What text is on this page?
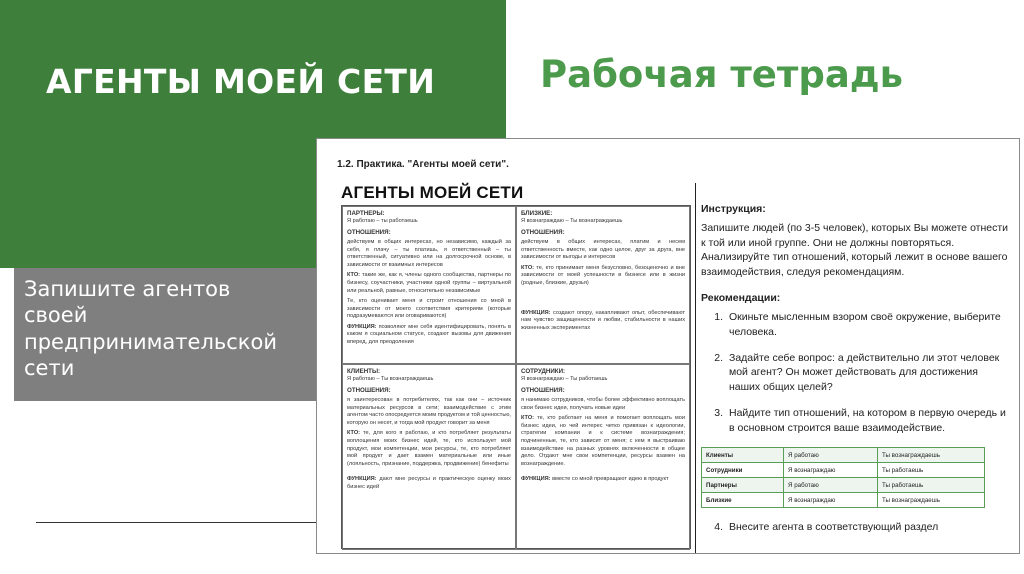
АГЕНТЫ МОЕЙ СЕТИ	Рабочая тетрадь
Запишите агентов
своей
предпринимательской
сети
1.2. Практика. "Агенты моей сети".
АГЕНТЫ МОЕЙ СЕТИ
ПАРТНЕРЫ:
Я работаю – ты работаешь
ОТНОШЕНИЯ:

действуем в общих интересах, но независимо, каждый за себя, я плачу – ты платишь, я ответственный – ты ответственный, ситуативно или на долгосрочной основе, в зависимости от взаимных интересов

КТО: такие же, как я, члены одного сообщества, партнеры по бизнесу, соучастники, участники одной группы – виртуальной или реальной, равные, относительно независимые

Те, кто оценивает меня и строит отношения со мной в зависимости от моего соответствия критериям (которые подразумеваются или оговариваются)

ФУНКЦИЯ: позволяют мне себя идентифицировать, понять в каком я социальном статусе, создают вызовы для движения вперед, для преодоления

БЛИЗКИЕ:
Я вознаграждаю – Ты вознаграждаешь
ОТНОШЕНИЯ:

действуем в общих интересах, платим и несем ответственность вместе, как одно целое, друг за друга, вне зависимости от выгоды и интересов

КТО: те, кто принимает меня безусловно, безоценочно и вне зависимости от моей успешности в бизнесе или в жизни (родные, близкие, друзья)

ФУНКЦИЯ: создают опору, накапливают опыт, обеспечивают нам чувство защищенности и любви, стабильности в наших жизненных экспериментах

КЛИЕНТЫ:
Я работаю – Ты вознаграждаешь
ОТНОШЕНИЯ:

я заинтересован в потребителях, так как они – источник материальных ресурсов в сети; взаимодействие с этим агентом часто опосредуется моим продуктом и той ценностью, которую он несет, и тогда мой продукт говорит за меня

КТО: те, для кого я работаю, и кто потребляет результаты воплощения моих бизнес идей, те, кто использует мой продукт, мои компетенции, мои ресурсы, те, кто потребляет мой продукт и дает взамен материальные или иные (лояльность, признание, поддержка, продвижение) бенефиты

ФУНКЦИЯ: дают мне ресурсы и практическую оценку моих бизнес идей

СОТРУДНИКИ:
Я вознаграждаю – Ты работаешь
ОТНОШЕНИЯ:

я нанимаю сотрудников, чтобы более эффективно воплощать свои бизнес идеи, получать новые идеи

КТО: те, кто работает на меня и помогает воплощать мои бизнес идеи, но чей интерес четко привязан к идеологии, стратегии компании и к системе вознаграждения; подчиненные, те, кто зависит от меня; с кем я выстраиваю взаимодействие на разных уровнях включенности в общее дело. Отдают мне свои компетенции, ресурсы взамен на вознаграждение.

ФУНКЦИЯ: вместе со мной превращают идею в продукт

Инструкция:
Запишите людей (по 3-5 человек), которых Вы можете отнести к той или иной группе. Они не должны повторяться. Анализируйте тип отношений, который лежит в основе вашего взаимодействия, следуя рекомендациям.
Рекомендации:
1. Окиньте мысленным взором своё окружение, выберите человека.
2. Задайте себе вопрос: а действительно ли этот человек мой агент? Он может действовать для достижения наших общих целей?
3. Найдите тип отношений, на котором в первую очередь и в основном строится ваше взаимодействие.
Клиенты	Я работаю	Ты вознаграждаешь
Сотрудники	Я вознаграждаю	Ты работаешь
Партнеры	Я работаю	Ты работаешь
Близкие	Я вознаграждаю	Ты вознаграждаешь
4. Внесите агента в соответствующий раздел
